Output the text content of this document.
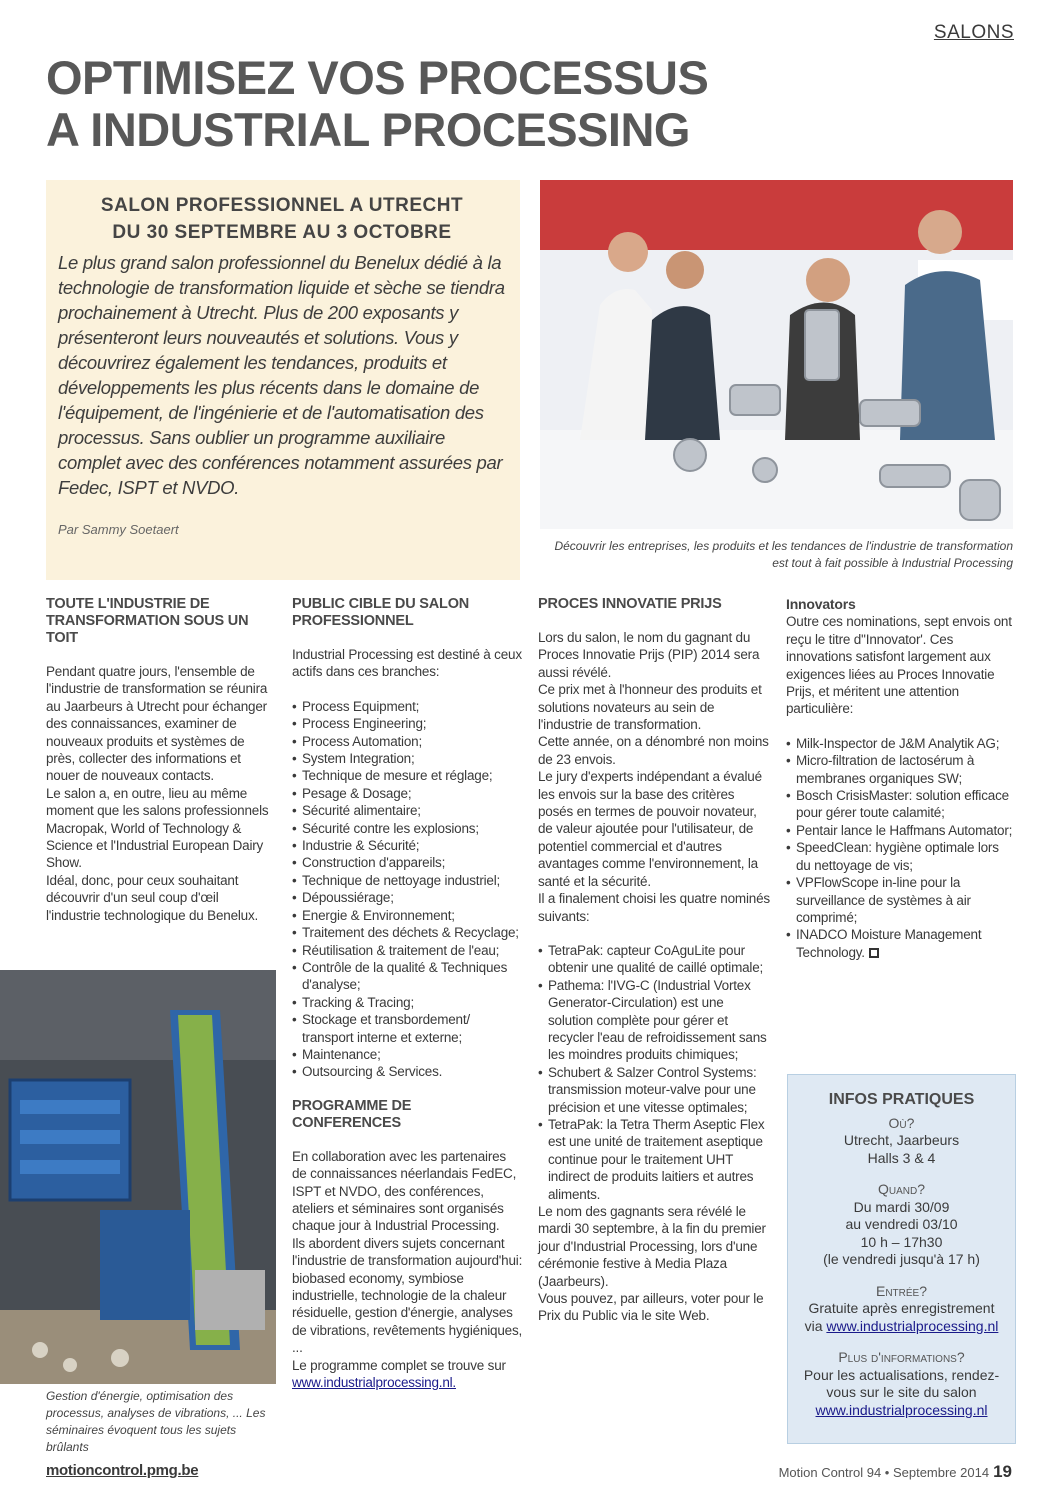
SALONS
OPTIMISEZ VOS PROCESSUS
A INDUSTRIAL PROCESSING
SALON PROFESSIONNEL A UTRECHT
DU 30 SEPTEMBRE AU 3 OCTOBRE

Le plus grand salon professionnel du Benelux dédié à la technologie de transformation liquide et sèche se tiendra prochainement à Utrecht. Plus de 200 exposants y présenteront leurs nouveautés et solutions. Vous y découvrirez également les tendances, produits et développements les plus récents dans le domaine de l'équipement, de l'ingénierie et de l'automatisation des processus. Sans oublier un programme auxiliaire complet avec des conférences notamment assurées par Fedec, ISPT et NVDO.

Par Sammy Soetaert

Découvrir les entreprises, les produits et les tendances de l'industrie de transformation est tout à fait possible à Industrial Processing
TOUTE L'INDUSTRIE DE TRANSFORMATION SOUS UN TOIT

Pendant quatre jours, l'ensemble de l'industrie de transformation se réunira au Jaarbeurs à Utrecht pour échanger des connaissances, examiner de nouveaux produits et systèmes de près, collecter des informations et nouer de nouveaux contacts.

Le salon a, en outre, lieu au même moment que les salons professionnels Macropak, World of Technology & Science et l'Industrial European Dairy Show.

Idéal, donc, pour ceux souhaitant découvrir d'un seul coup d'œil l'industrie technologique du Benelux.

Gestion d'énergie, optimisation des processus, analyses de vibrations, ... Les séminaires évoquent tous les sujets brûlants
PUBLIC CIBLE DU SALON PROFESSIONNEL

Industrial Processing est destiné à ceux actifs dans ces branches:

• Process Equipment;
• Process Engineering;
• Process Automation;
• System Integration;
• Technique de mesure et réglage;
• Pesage & Dosage;
• Sécurité alimentaire;
• Sécurité contre les explosions;
• Industrie & Sécurité;
• Construction d'appareils;
• Technique de nettoyage industriel;
• Dépoussiérage;
• Energie & Environnement;
• Traitement des déchets & Recyclage;
• Réutilisation & traitement de l'eau;
• Contrôle de la qualité & Techniques d'analyse;
• Tracking & Tracing;
• Stockage et transbordement/ transport interne et externe;
• Maintenance;
• Outsourcing & Services.
PROGRAMME DE CONFERENCES

En collaboration avec les partenaires de connaissances néerlandais FedEC, ISPT et NVDO, des conférences, ateliers et séminaires sont organisés chaque jour à Industrial Processing.

Ils abordent divers sujets concernant l'industrie de transformation aujourd'hui: biobased economy, symbiose industrielle, technologie de la chaleur résiduelle, gestion d'énergie, analyses de vibrations, revêtements hygiéniques, ...

Le programme complet se trouve sur www.industrialprocessing.nl.

PROCES INNOVATIE PRIJS

Lors du salon, le nom du gagnant du Proces Innovatie Prijs (PIP) 2014 sera aussi révélé.

Ce prix met à l'honneur des produits et solutions novateurs au sein de l'industrie de transformation.

Cette année, on a dénombré non moins de 23 envois.

Le jury d'experts indépendant a évalué les envois sur la base des critères posés en termes de pouvoir novateur, de valeur ajoutée pour l'utilisateur, de potentiel commercial et d'autres avantages comme l'environnement, la santé et la sécurité.

Il a finalement choisi les quatre nominés suivants:

• TetraPak: capteur CoAguLite pour obtenir une qualité de caillé optimale;
• Pathema: l'IVG-C (Industrial Vortex Generator-Circulation) est une solution complète pour gérer et recycler l'eau de refroidissement sans les moindres produits chimiques;
• Schubert & Salzer Control Systems: transmission moteur-valve pour une précision et une vitesse optimales;
• TetraPak: la Tetra Therm Aseptic Flex est une unité de traitement aseptique continue pour le traitement UHT indirect de produits laitiers et autres aliments.

Le nom des gagnants sera révélé le mardi 30 septembre, à la fin du premier jour d'Industrial Processing, lors d'une cérémonie festive à Media Plaza (Jaarbeurs).

Vous pouvez, par ailleurs, voter pour le Prix du Public via le site Web.

Innovators

Outre ces nominations, sept envois ont reçu le titre d''Innovator'. Ces innovations satisfont largement aux exigences liées au Proces Innovatie Prijs, et méritent une attention particulière:

• Milk-Inspector de J&M Analytik AG;
• Micro-filtration de lactosérum à membranes organiques SW;
• Bosch CrisisMaster: solution efficace pour gérer toute calamité;
• Pentair lance le Haffmans Automator;
• SpeedClean: hygiène optimale lors du nettoyage de vis;
• VPFlowScope in-line pour la surveillance de systèmes à air comprimé;
• INADCO Moisture Management Technology.
INFOS PRATIQUES
Où?
Utrecht, Jaarbeurs
Halls 3 & 4
Quand?
Du mardi 30/09
au vendredi 03/10
10 h – 17h30
(le vendredi jusqu'à 17 h)
Entrée?
Gratuite après enregistrement
via www.industrialprocessing.nl
Plus d'informations?
Pour les actualisations, rendez-vous sur le site du salon
www.industrialprocessing.nl
motioncontrol.pmg.be	Motion Control 94 • Septembre 2014 19
